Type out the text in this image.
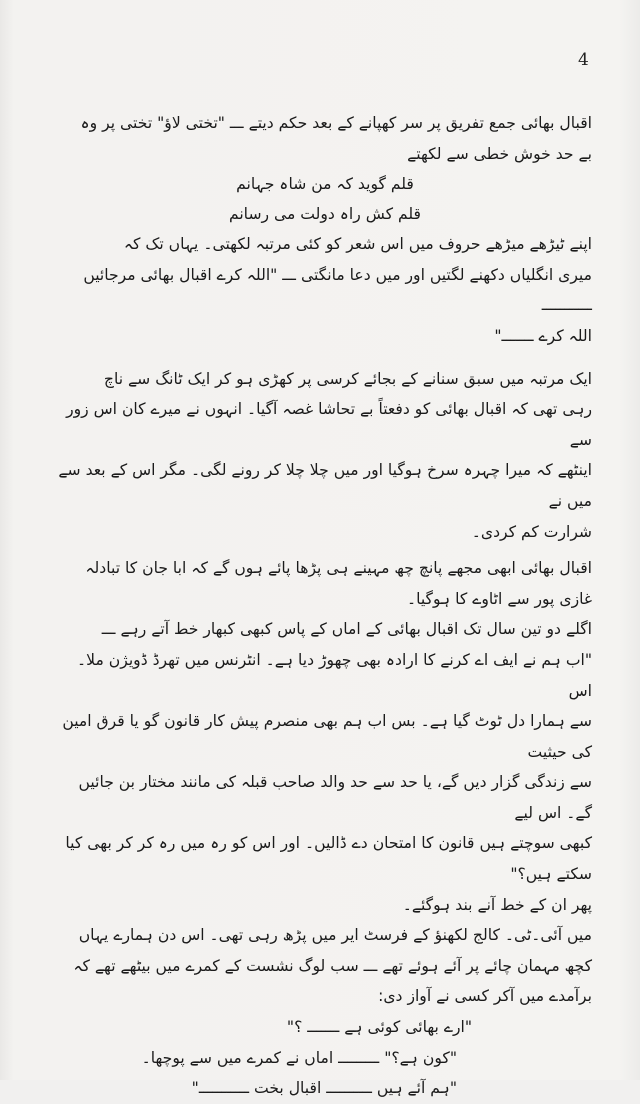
4

اقبال بھائی جمع تفریق پر سر کھپانے کے بعد حکم دیتے ـــ "تختی لاؤ" تختی پر وہ

بے حد خوش خطی سے لکھتے

قلم گوید کہ من شاہ جہانم

قلم کش راہ دولت می رسانم

اپنے ٹیڑھے میڑھے حروف میں اس شعر کو کئی مرتبہ لکھتی۔ یہاں تک کہ

میری انگلیاں دکھنے لگتیں اور میں دعا مانگتی ـــ "اللہ کرے اقبال بھائی مرجائیں ـــــــــــ

اللہ کرے ـــــــ"

ایک مرتبہ میں سبق سنانے کے بجائے کرسی پر کھڑی ہو کر ایک ٹانگ سے ناچ

رہی تھی کہ اقبال بھائی کو دفعتاً بے تحاشا غصہ آگیا۔ انہوں نے میرے کان اس زور سے

اینٹھے کہ میرا چہرہ سرخ ہوگیا اور میں چلا چلا کر رونے لگی۔ مگر اس کے بعد سے میں نے

شرارت کم کردی۔

اقبال بھائی ابھی مجھے پانچ چھ مہینے ہی پڑھا پائے ہوں گے کہ ابا جان کا تبادلہ

غازی پور سے اٹاوے کا ہوگیا۔

اگلے دو تین سال تک اقبال بھائی کے اماں کے پاس کبھی کبھار خط آتے رہے ـــ

"اب ہم نے ایف اے کرنے کا ارادہ بھی چھوڑ دیا ہے۔ انٹرنس میں تھرڈ ڈویژن ملا۔ اس

سے ہمارا دل ٹوٹ گیا ہے۔ بس اب ہم بھی منصرم پیش کار قانون گو یا قرق امین کی حیثیت

سے زندگی گزار دیں گے، یا حد سے حد والد صاحب قبلہ کی مانند مختار بن جائیں گے۔ اس لیے

کبھی سوچتے ہیں قانون کا امتحان دے ڈالیں۔ اور اس کو رہ میں رہ کر کر بھی کیا سکتے ہیں؟"

پھر ان کے خط آنے بند ہوگئے۔

میں آئی۔ٹی۔ کالج لکھنؤ کے فرسٹ ایر میں پڑھ رہی تھی۔ اس دن ہمارے یہاں

کچھ مہمان چائے پر آئے ہوئے تھے ـــ سب لوگ نشست کے کمرے میں بیٹھے تھے کہ

برآمدے میں آکر کسی نے آواز دی:

"ارے بھائی کوئی ہے ـــــــ ؟"

"کون ہے؟" ـــــــــ اماں نے کمرے میں سے پوچھا۔

"ہم آئے ہیں ــــــــــ اقبال بخت ـــــــــــ"
